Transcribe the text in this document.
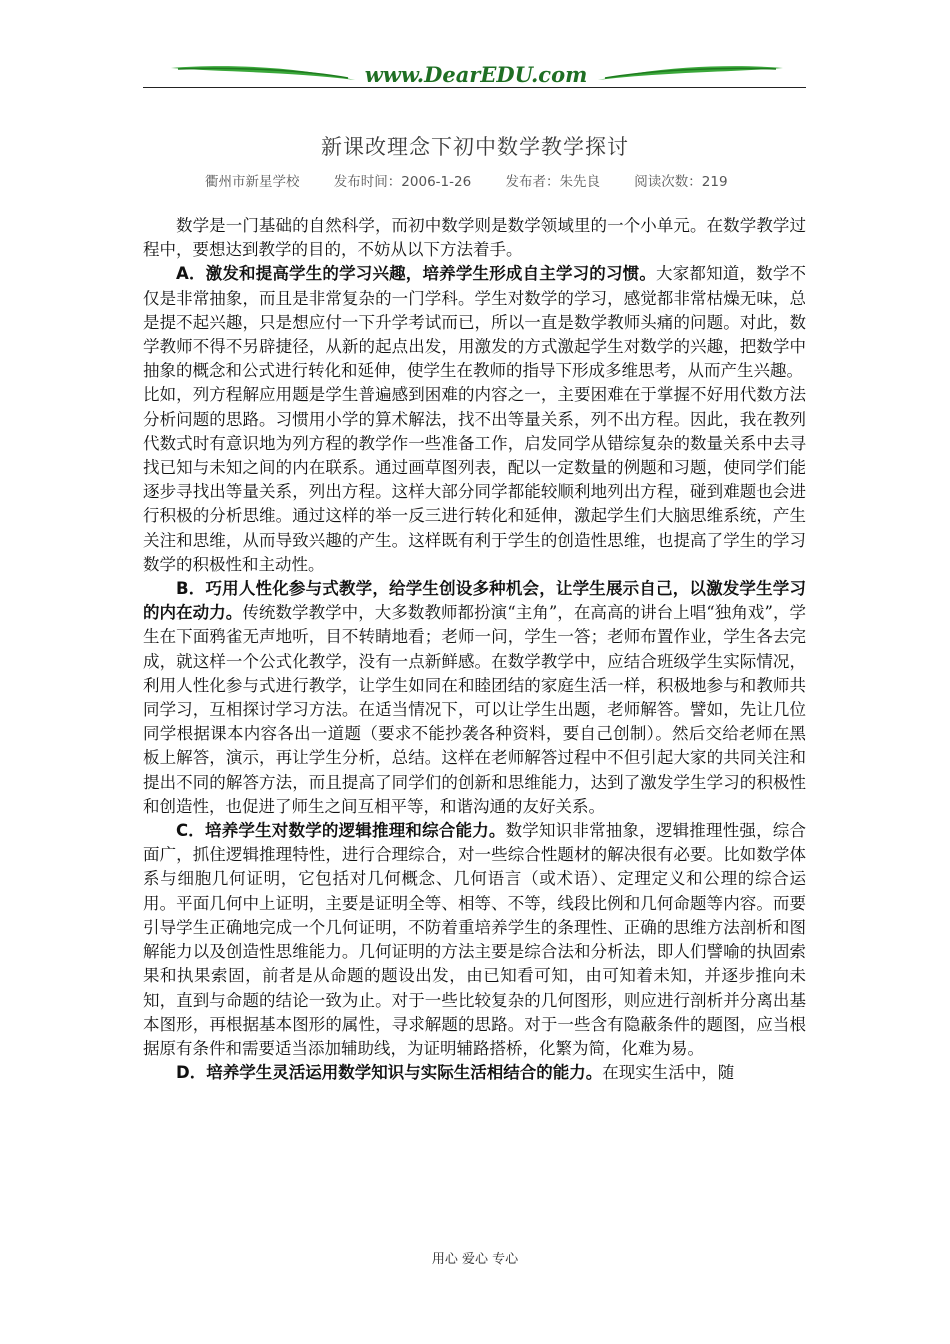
www.DearEDU.com
新课改理念下初中数学教学探讨
衢州市新星学校	发布时间：2006-1-26	发布者：朱先良	阅读次数：219

数学是一门基础的自然科学，而初中数学则是数学领域里的一个小单元。在数学教学过程中，要想达到教学的目的，不妨从以下方法着手。

A．激发和提高学生的学习兴趣，培养学生形成自主学习的习惯。大家都知道，数学不仅是非常抽象，而且是非常复杂的一门学科。学生对数学的学习，感觉都非常枯燥无味，总是提不起兴趣，只是想应付一下升学考试而已，所以一直是数学教师头痛的问题。对此，数学教师不得不另辟捷径，从新的起点出发，用激发的方式激起学生对数学的兴趣，把数学中抽象的概念和公式进行转化和延伸，使学生在教师的指导下形成多维思考，从而产生兴趣。

比如，列方程解应用题是学生普遍感到困难的内容之一，主要困难在于掌握不好用代数方法分析问题的思路。习惯用小学的算术解法，找不出等量关系，列不出方程。因此，我在教列代数式时有意识地为列方程的教学作一些准备工作，启发同学从错综复杂的数量关系中去寻找已知与未知之间的内在联系。通过画草图列表，配以一定数量的例题和习题，使同学们能逐步寻找出等量关系，列出方程。这样大部分同学都能较顺利地列出方程，碰到难题也会进行积极的分析思维。通过这样的举一反三进行转化和延伸，激起学生们大脑思维系统，产生关注和思维，从而导致兴趣的产生。这样既有利于学生的创造性思维，也提高了学生的学习数学的积极性和主动性。

B．巧用人性化参与式教学，给学生创设多种机会，让学生展示自己，以激发学生学习的内在动力。传统数学教学中，大多数教师都扮演“主角”，在高高的讲台上唱“独角戏”，学生在下面鸦雀无声地听，目不转睛地看；老师一问，学生一答；老师布置作业，学生各去完成，就这样一个公式化教学，没有一点新鲜感。在数学教学中，应结合班级学生实际情况，利用人性化参与式进行教学，让学生如同在和睦团结的家庭生活一样，积极地参与和教师共同学习，互相探讨学习方法。在适当情况下，可以让学生出题，老师解答。譬如，先让几位同学根据课本内容各出一道题（要求不能抄袭各种资料，要自己创制）。然后交给老师在黑板上解答，演示，再让学生分析，总结。这样在老师解答过程中不但引起大家的共同关注和提出不同的解答方法，而且提高了同学们的创新和思维能力，达到了激发学生学习的积极性和创造性，也促进了师生之间互相平等，和谐沟通的友好关系。

C．培养学生对数学的逻辑推理和综合能力。数学知识非常抽象，逻辑推理性强，综合面广，抓住逻辑推理特性，进行合理综合，对一些综合性题材的解决很有必要。比如数学体系与细胞几何证明，它包括对几何概念、几何语言（或术语）、定理定义和公理的综合运用。平面几何中上证明，主要是证明全等、相等、不等，线段比例和几何命题等内容。而要引导学生正确地完成一个几何证明，不防着重培养学生的条理性、正确的思维方法剖析和图解能力以及创造性思维能力。几何证明的方法主要是综合法和分析法，即人们譬喻的执固索果和执果索固，前者是从命题的题设出发，由已知看可知，由可知着未知，并逐步推向未知，直到与命题的结论一致为止。对于一些比较复杂的几何图形，则应进行剖析并分离出基本图形，再根据基本图形的属性，寻求解题的思路。对于一些含有隐蔽条件的题图，应当根据原有条件和需要适当添加辅助线，为证明辅路搭桥，化繁为简，化难为易。

D．培养学生灵活运用数学知识与实际生活相结合的能力。在现实生活中，随

用心 爱心 专心
